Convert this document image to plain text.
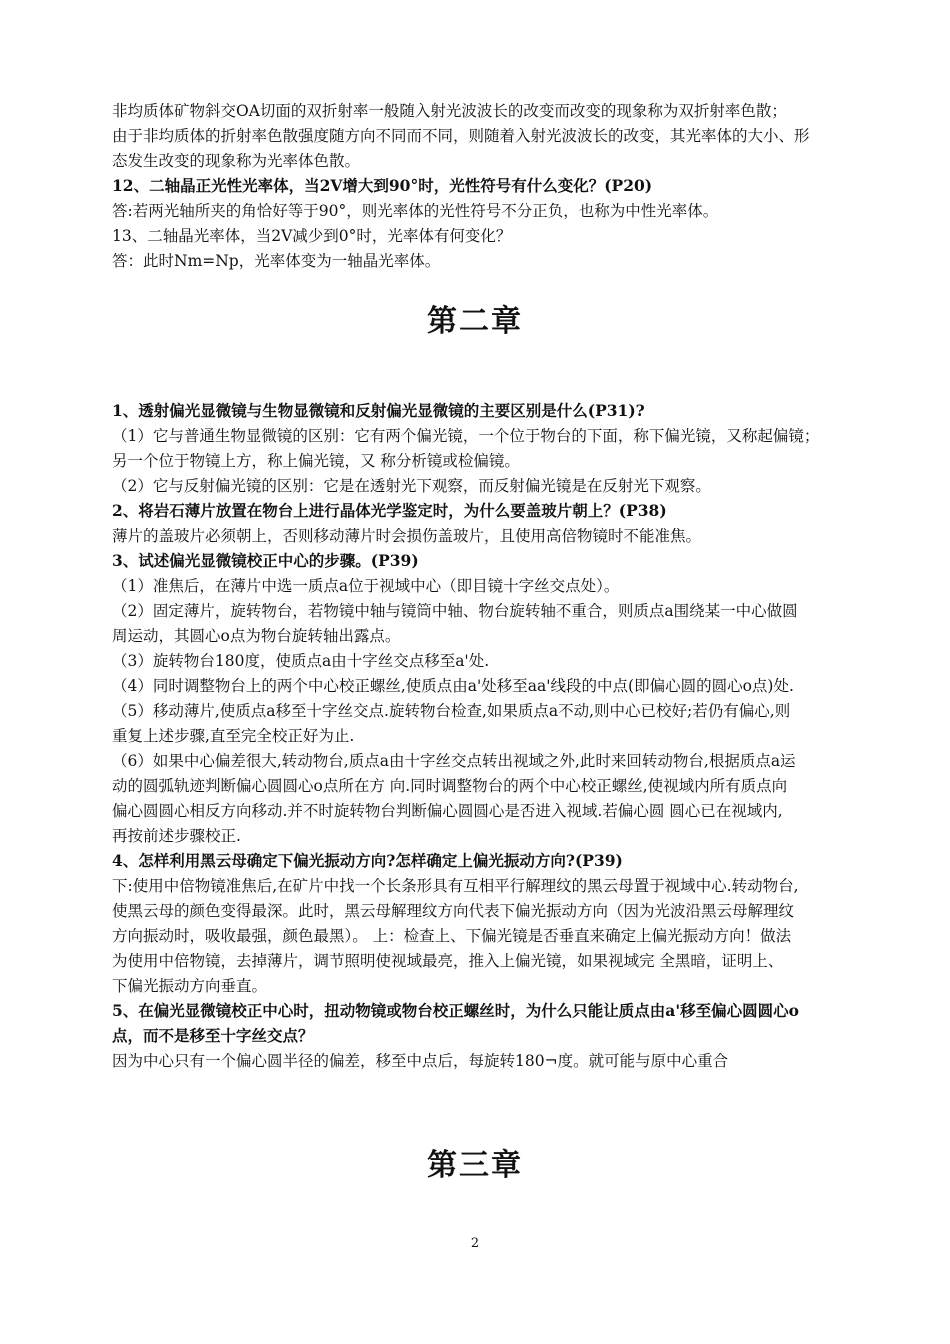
非均质体矿物斜交OA切面的双折射率一般随入射光波波长的改变而改变的现象称为双折射率色散；
由于非均质体的折射率色散强度随方向不同而不同，则随着入射光波波长的改变，其光率体的大小、形
态发生改变的现象称为光率体色散。
12、二轴晶正光性光率体，当2V增大到90°时，光性符号有什么变化？(P20)
答:若两光轴所夹的角恰好等于90°，则光率体的光性符号不分正负，也称为中性光率体。
13、二轴晶光率体，当2V减少到0°时，光率体有何变化？
答：此时Nm=Np，光率体变为一轴晶光率体。
第二章
1、透射偏光显微镜与生物显微镜和反射偏光显微镜的主要区别是什么(P31)?
（1）它与普通生物显微镜的区别：它有两个偏光镜，一个位于物台的下面，称下偏光镜，又称起偏镜；
另一个位于物镜上方，称上偏光镜，又 称分析镜或检偏镜。
（2）它与反射偏光镜的区别：它是在透射光下观察，而反射偏光镜是在反射光下观察。
2、将岩石薄片放置在物台上进行晶体光学鉴定时，为什么要盖玻片朝上？(P38)
薄片的盖玻片必须朝上，否则移动薄片时会损伤盖玻片，且使用高倍物镜时不能准焦。
3、试述偏光显微镜校正中心的步骤。(P39)
（1）准焦后，在薄片中选一质点a位于视域中心（即目镜十字丝交点处）。
（2）固定薄片，旋转物台，若物镜中轴与镜筒中轴、物台旋转轴不重合，则质点a围绕某一中心做圆
周运动，其圆心o点为物台旋转轴出露点。
（3）旋转物台180度，使质点a由十字丝交点移至a'处.
（4）同时调整物台上的两个中心校正螺丝,使质点由a'处移至aa'线段的中点(即偏心圆的圆心o点)处.
（5）移动薄片,使质点a移至十字丝交点.旋转物台检查,如果质点a不动,则中心已校好;若仍有偏心,则
重复上述步骤,直至完全校正好为止.
（6）如果中心偏差很大,转动物台,质点a由十字丝交点转出视域之外,此时来回转动物台,根据质点a运
动的圆弧轨迹判断偏心圆圆心o点所在方 向.同时调整物台的两个中心校正螺丝,使视域内所有质点向
偏心圆圆心相反方向移动.并不时旋转物台判断偏心圆圆心是否进入视域.若偏心圆 圆心已在视域内,
再按前述步骤校正.
4、怎样利用黑云母确定下偏光振动方向?怎样确定上偏光振动方向?(P39)
下:使用中倍物镜准焦后,在矿片中找一个长条形具有互相平行解理纹的黑云母置于视域中心.转动物台,
使黑云母的颜色变得最深。此时，黑云母解理纹方向代表下偏光振动方向（因为光波沿黑云母解理纹
方向振动时，吸收最强，颜色最黑）。 上：检查上、下偏光镜是否垂直来确定上偏光振动方向！做法
为使用中倍物镜，去掉薄片，调节照明使视域最亮，推入上偏光镜，如果视域完 全黑暗，证明上、
下偏光振动方向垂直。
5、在偏光显微镜校正中心时，扭动物镜或物台校正螺丝时，为什么只能让质点由a'移至偏心圆圆心o
点，而不是移至十字丝交点？
因为中心只有一个偏心圆半径的偏差，移至中点后，每旋转180¬度。就可能与原中心重合
第三章
2
